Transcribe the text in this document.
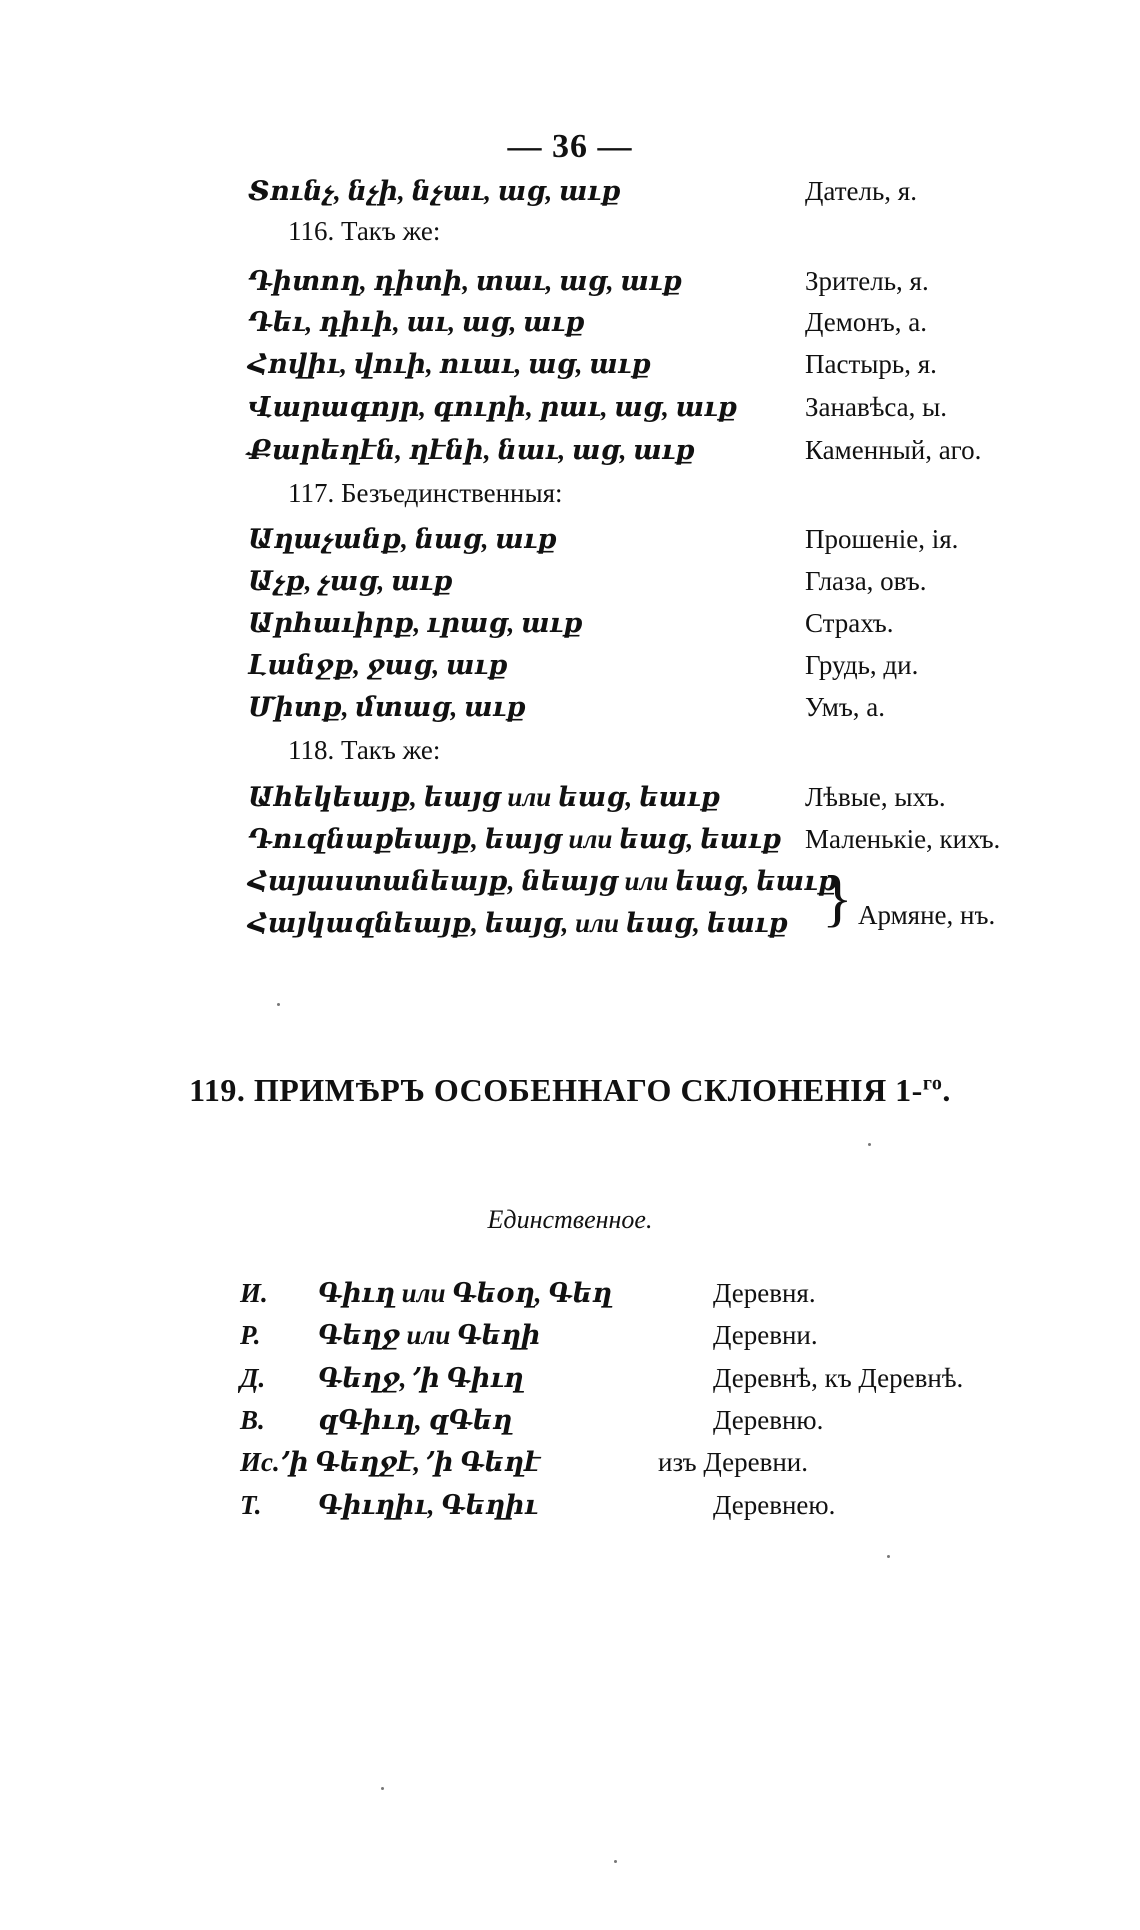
— 36 —
Տունչ, նչի, նչաւ, աց, աւք	Датель, я.
116. Такъ же:
Դիտող, դիտի, տաւ, աց, աւք	Зритель, я.
Դեւ, դիւի, աւ, աց, աւք	Демонъ, а.
Հովիւ, վուի, ուաւ, աց, աւք	Пастырь, я.
Վարագոյր, գուրի, րաւ, աց, աւք	Занавѣса, ы.
Քարեղէն, ղէնի, նաւ, աց, աւք	Каменный, аго.
117. Безъединственныя:
Աղաչանք, նաց, աւք	Прошеніе, ія.
Աչք, չաց, աւք	Глаза, овъ.
Արհաւիրք, ւրաց, աւք	Страхъ.
Լանջք, ջաց, աւք	Грудь, ди.
Միտք, մտաց, աւք	Умъ, а.
118. Такъ же:
Ահեկեայք, եայց или եաց, եաւք	Лѣвые, ыхъ.
Դուզնաքեայք, եայց или եաց, եաւք Маленькіе, кихъ.
Հայաստանեայք, նեայց или եաց, եաւք
Հայկազնեայք, եայց, или եաց, եաւք } Армяне, нъ.
119. ПРИМѢРЪ ОСОБЕННАГО СКЛОНЕНІЯ 1-$^{го}$.
Единственное.
И. Գիւղ или Գեօղ, Գեղ	Деревня.
Р. Գեղջ или Գեղի	Деревни.
Д. Գեղջ, ՚ի Գիւղ	Деревнѣ, къ Деревнѣ.
В. զԳիւղ, զԳեղ	Деревню.
Ис. ՚ի Գեղջէ, ՚ի Գեղէ	изъ Деревни.
Т. Գիւղիւ, Գեղիւ	Деревнею.
